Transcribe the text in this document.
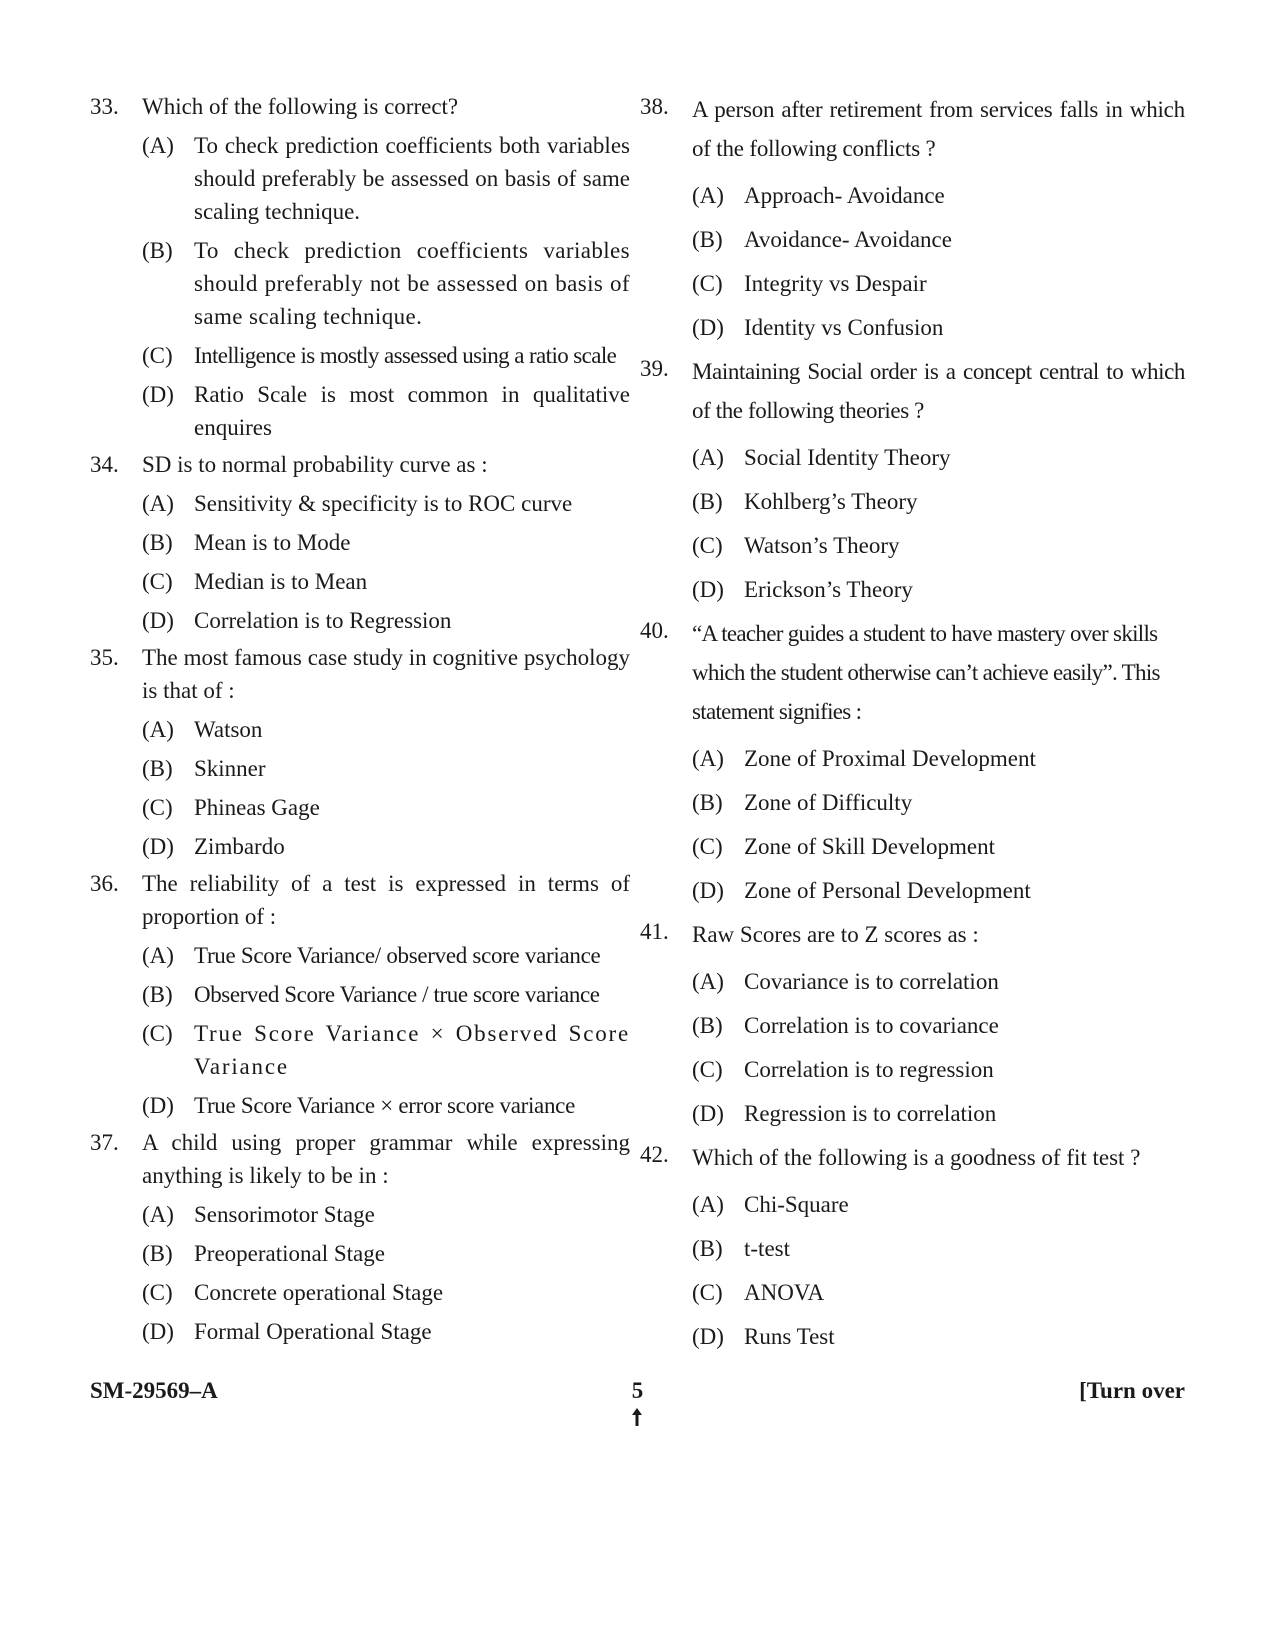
33.	Which of the following is correct?
(A) To check prediction coefficients both variables should preferably be assessed on basis of same scaling technique.
(B) To check prediction coefficients variables should preferably not be assessed on basis of same scaling technique.
(C) Intelligence is mostly assessed using a ratio scale
(D) Ratio Scale is most common in qualitative enquires
34.	SD is to normal probability curve as :
(A) Sensitivity & specificity is to ROC curve
(B) Mean is to Mode
(C) Median is to Mean
(D) Correlation is to Regression
35.	The most famous case study in cognitive psychology is that of :
(A) Watson
(B) Skinner
(C) Phineas Gage
(D) Zimbardo
36.	The reliability of a test is expressed in terms of proportion of :
(A) True Score Variance/ observed score variance
(B) Observed Score Variance / true score variance
(C) True Score Variance × Observed Score Variance
(D) True Score Variance × error score variance
37.	A child using proper grammar while expressing anything is likely to be in :
(A) Sensorimotor Stage
(B) Preoperational Stage
(C) Concrete operational Stage
(D) Formal Operational Stage
38.	A person after retirement from services falls in which of the following conflicts ?
(A) Approach- Avoidance
(B) Avoidance- Avoidance
(C) Integrity vs Despair
(D) Identity vs Confusion
39.	Maintaining Social order is a concept central to which of the following theories ?
(A) Social Identity Theory
(B) Kohlberg’s Theory
(C) Watson’s Theory
(D) Erickson’s Theory
40.	“A teacher guides a student to have mastery over skills which the student otherwise can’t achieve easily”. This statement signifies :
(A) Zone of Proximal Development
(B) Zone of Difficulty
(C) Zone of Skill Development
(D) Zone of Personal Development
41.	Raw Scores are to Z scores as :
(A) Covariance is to correlation
(B) Correlation is to covariance
(C) Correlation is to regression
(D) Regression is to correlation
42.	Which of the following is a goodness of fit test ?
(A) Chi-Square
(B) t-test
(C) ANOVA
(D) Runs Test
SM-29569–A	5	[Turn over
